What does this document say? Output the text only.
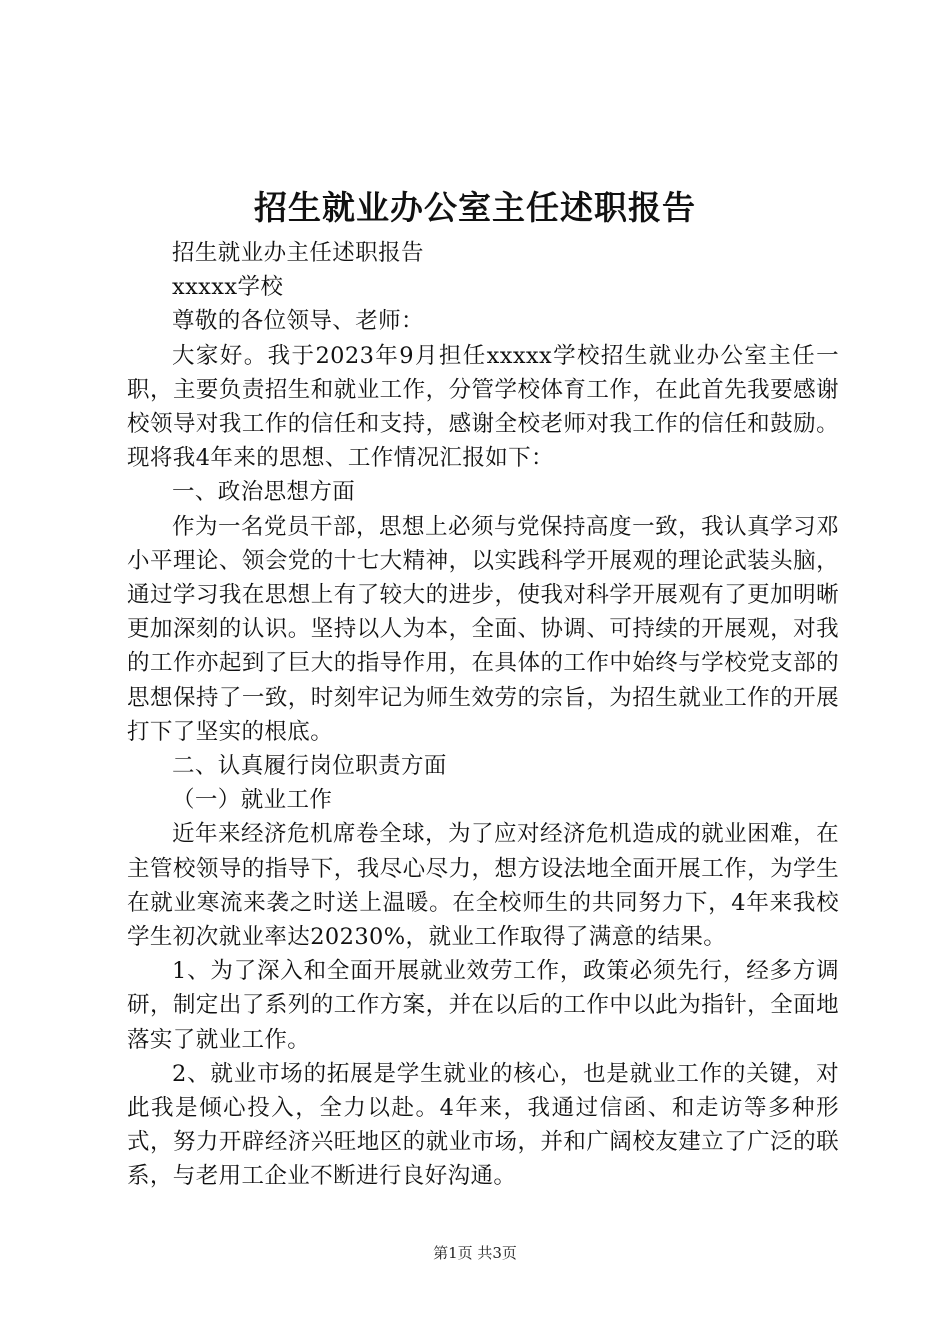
招生就业办公室主任述职报告

招生就业办主任述职报告

xxxxx学校

尊敬的各位领导、老师：

大家好。我于2023年9月担任xxxxx学校招生就业办公室主任一职，主要负责招生和就业工作，分管学校体育工作，在此首先我要感谢校领导对我工作的信任和支持，感谢全校老师对我工作的信任和鼓励。现将我4年来的思想、工作情况汇报如下：

一、政治思想方面

作为一名党员干部，思想上必须与党保持高度一致，我认真学习邓小平理论、领会党的十七大精神，以实践科学开展观的理论武装头脑，通过学习我在思想上有了较大的进步，使我对科学开展观有了更加明晰更加深刻的认识。坚持以人为本，全面、协调、可持续的开展观，对我的工作亦起到了巨大的指导作用，在具体的工作中始终与学校党支部的思想保持了一致，时刻牢记为师生效劳的宗旨，为招生就业工作的开展打下了坚实的根底。

二、认真履行岗位职责方面

（一）就业工作

近年来经济危机席卷全球，为了应对经济危机造成的就业困难，在主管校领导的指导下，我尽心尽力，想方设法地全面开展工作，为学生在就业寒流来袭之时送上温暖。在全校师生的共同努力下，4年来我校学生初次就业率达20230%，就业工作取得了满意的结果。

1、为了深入和全面开展就业效劳工作，政策必须先行，经多方调研，制定出了系列的工作方案，并在以后的工作中以此为指针，全面地落实了就业工作。

2、就业市场的拓展是学生就业的核心，也是就业工作的关键，对此我是倾心投入，全力以赴。4年来，我通过信函、和走访等多种形式，努力开辟经济兴旺地区的就业市场，并和广阔校友建立了广泛的联系，与老用工企业不断进行良好沟通。

第1页 共3页
